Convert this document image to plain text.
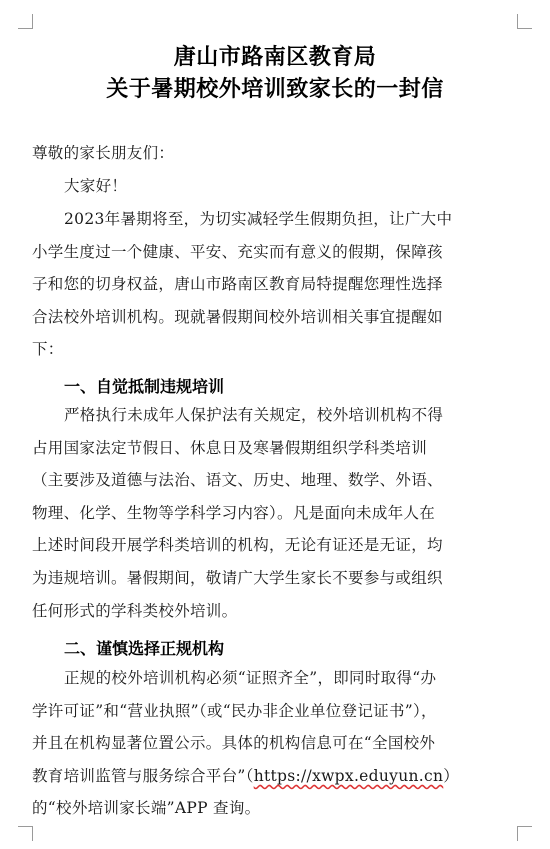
唐山市路南区教育局
关于暑期校外培训致家长的一封信
尊敬的家长朋友们：
大家好！
2023年暑期将至，为切实减轻学生假期负担，让广大中
小学生度过一个健康、平安、充实而有意义的假期，保障孩
子和您的切身权益，唐山市路南区教育局特提醒您理性选择
合法校外培训机构。现就暑假期间校外培训相关事宜提醒如
下：
一、自觉抵制违规培训
严格执行未成年人保护法有关规定，校外培训机构不得
占用国家法定节假日、休息日及寒暑假期组织学科类培训
（主要涉及道德与法治、语文、历史、地理、数学、外语、
物理、化学、生物等学科学习内容）。凡是面向未成年人在
上述时间段开展学科类培训的机构，无论有证还是无证，均
为违规培训。暑假期间，敬请广大学生家长不要参与或组织
任何形式的学科类校外培训。
二、谨慎选择正规机构
正规的校外培训机构必须“证照齐全”，即同时取得“办
学许可证”和“营业执照”（或“民办非企业单位登记证书”），
并且在机构显著位置公示。具体的机构信息可在“全国校外
教育培训监管与服务综合平台”（https://xwpx.eduyun.cn）
的“校外培训家长端”APP 查询。
